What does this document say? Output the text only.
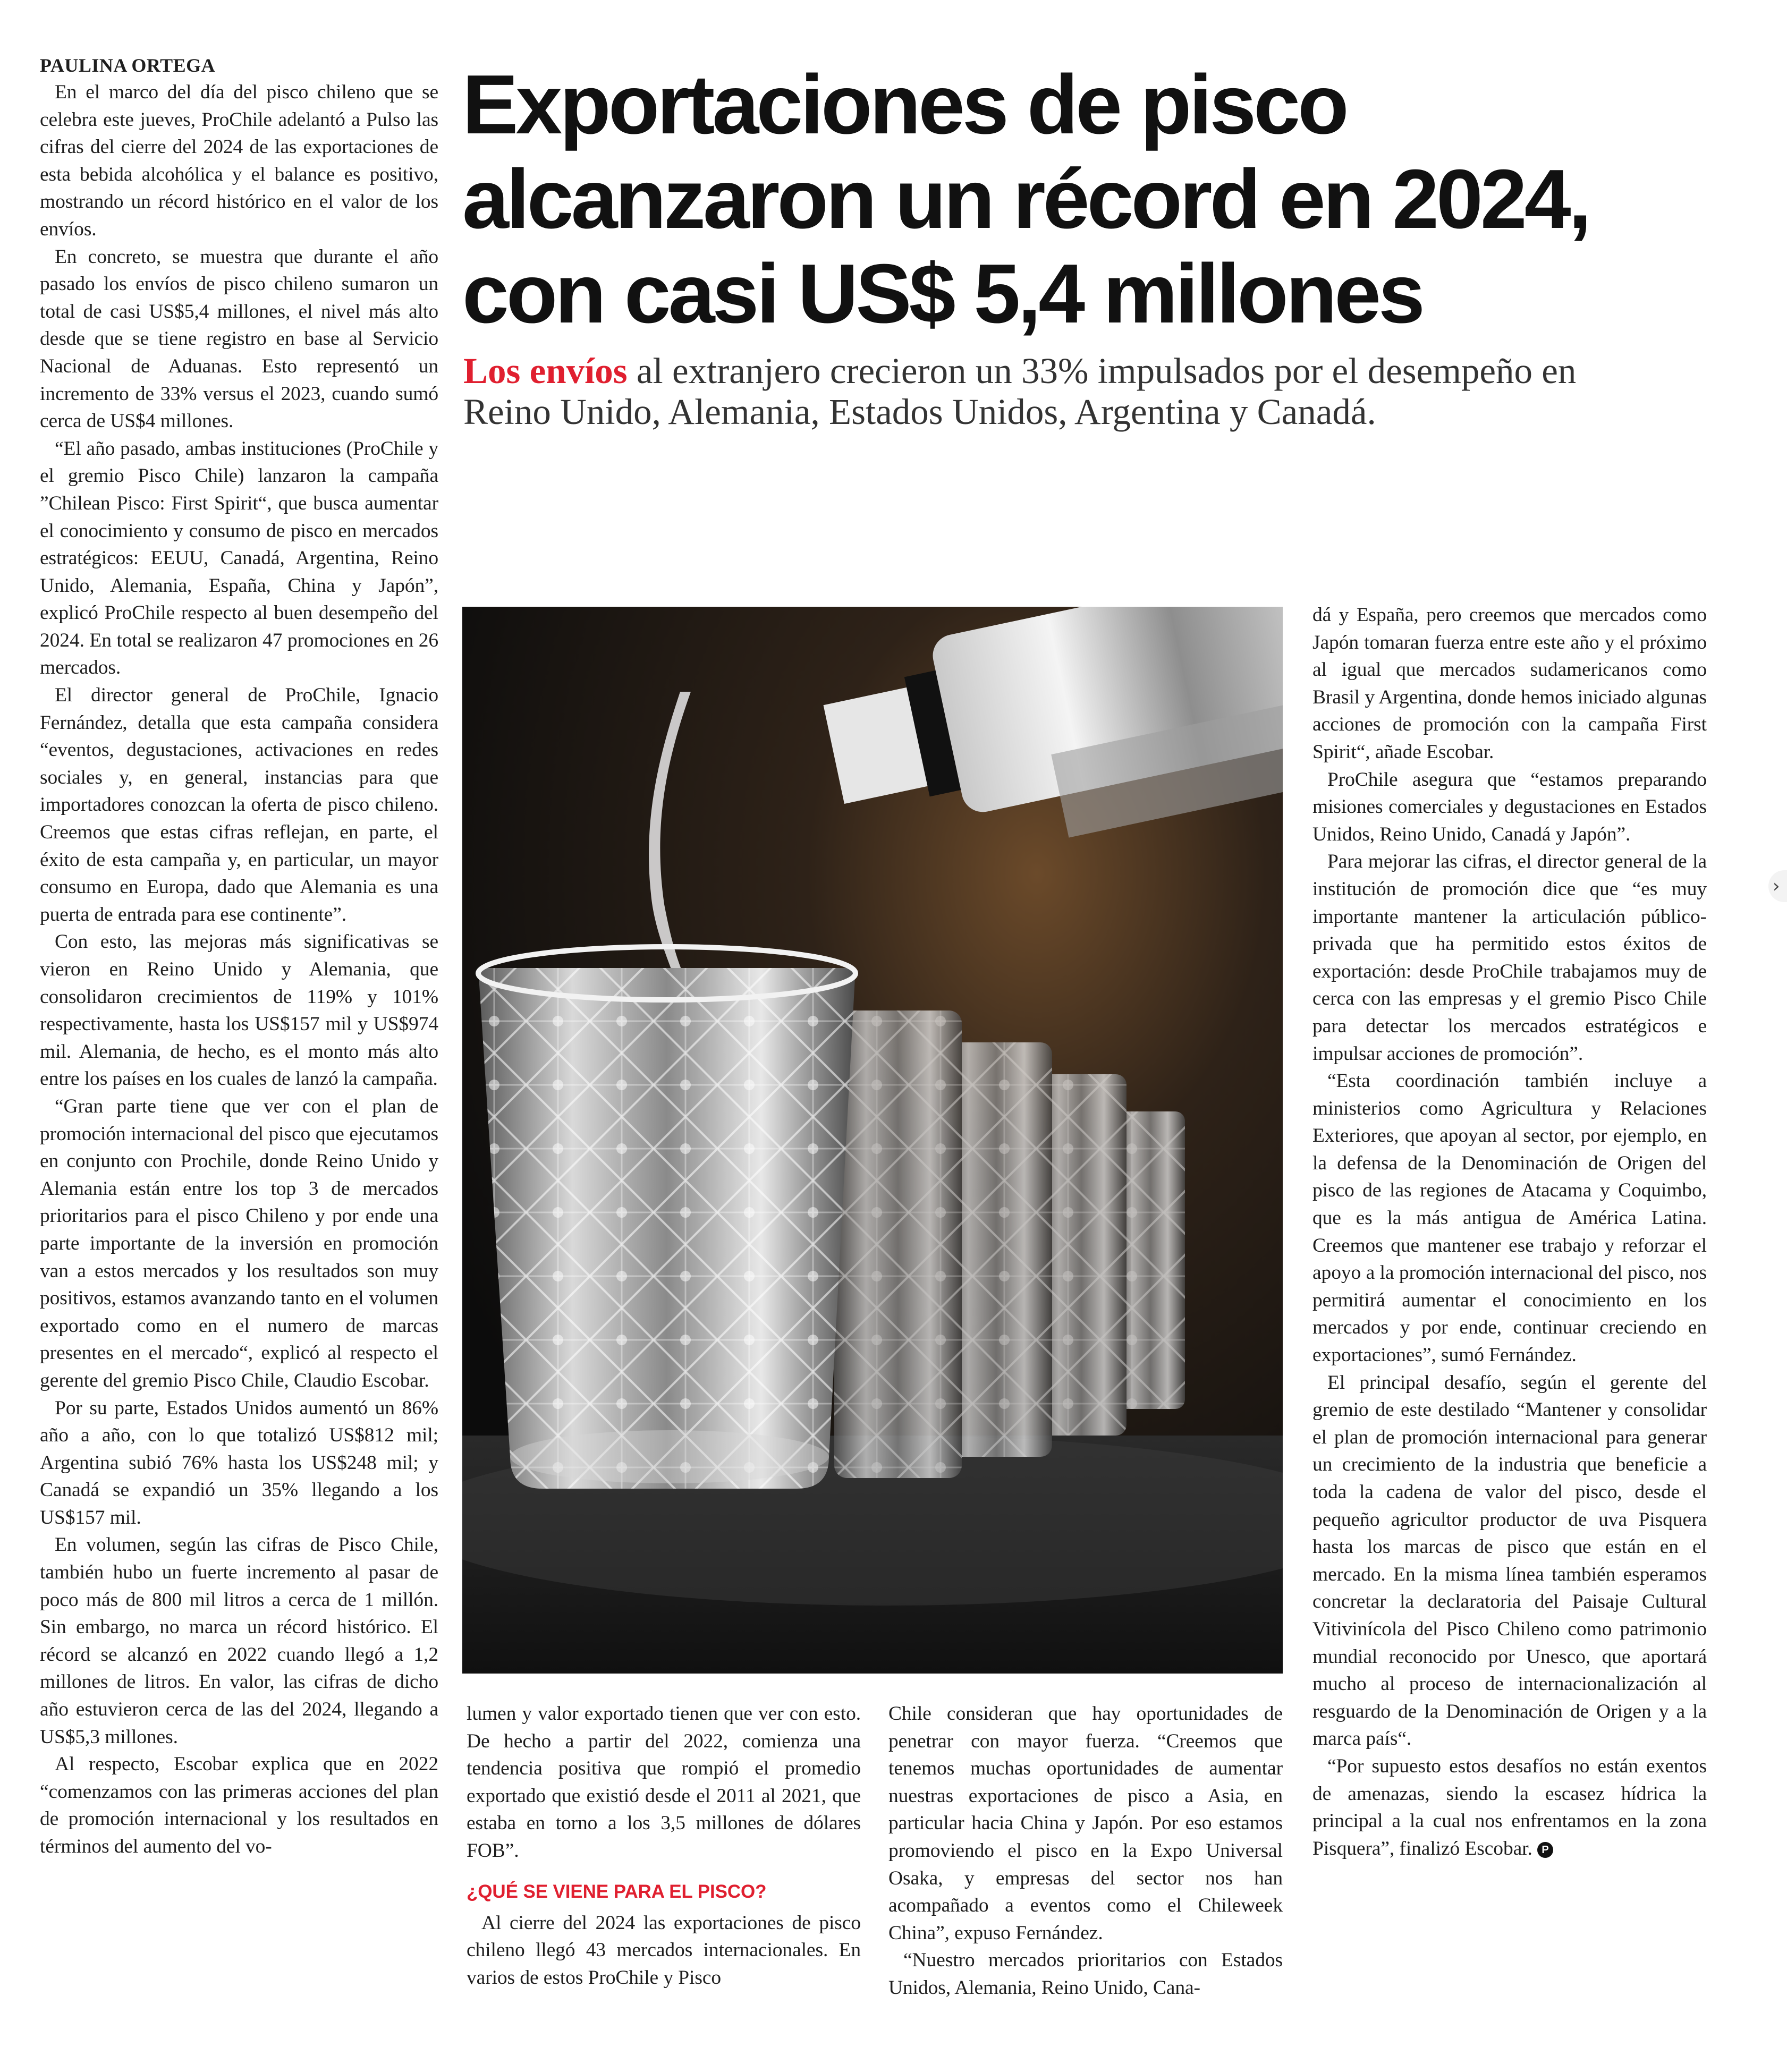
PAULINA ORTEGA	Exportaciones de pisco alcanzaron un récord en 2024, con casi US$ 5,4 millones

Los envíos al extranjero crecieron un 33% impulsados por el desempeño en Reino Unido, Alemania, Estados Unidos, Argentina y Canadá.

En el marco del día del pisco chileno que se celebra este jueves, ProChile adelantó a Pulso las cifras del cierre del 2024 de las exportaciones de esta bebida alcohólica y el balance es positivo, mostrando un récord histórico en el valor de los envíos.

En concreto, se muestra que durante el año pasado los envíos de pisco chileno sumaron un total de casi US$5,4 millones, el nivel más alto desde que se tiene registro en base al Servicio Nacional de Aduanas. Esto representó un incremento de 33% versus el 2023, cuando sumó cerca de US$4 millones.

“El año pasado, ambas instituciones (ProChile y el gremio Pisco Chile) lanzaron la campaña ”Chilean Pisco: First Spirit“, que busca aumentar el conocimiento y consumo de pisco en mercados estratégicos: EEUU, Canadá, Argentina, Reino Unido, Alemania, España, China y Japón”, explicó ProChile respecto al buen desempeño del 2024. En total se realizaron 47 promociones en 26 mercados.

El director general de ProChile, Ignacio Fernández, detalla que esta campaña considera “eventos, degustaciones, activaciones en redes sociales y, en general, instancias para que importadores conozcan la oferta de pisco chileno. Creemos que estas cifras reflejan, en parte, el éxito de esta campaña y, en particular, un mayor consumo en Europa, dado que Alemania es una puerta de entrada para ese continente”.

Con esto, las mejoras más significativas se vieron en Reino Unido y Alemania, que consolidaron crecimientos de 119% y 101% respectivamente, hasta los US$157 mil y US$974 mil. Alemania, de hecho, es el monto más alto entre los países en los cuales de lanzó la campaña.

“Gran parte tiene que ver con el plan de promoción internacional del pisco que ejecutamos en conjunto con Prochile, donde Reino Unido y Alemania están entre los top 3 de mercados prioritarios para el pisco Chileno y por ende una parte importante de la inversión en promoción van a estos mercados y los resultados son muy positivos, estamos avanzando tanto en el volumen exportado como en el numero de marcas presentes en el mercado“, explicó al respecto el gerente del gremio Pisco Chile, Claudio Escobar.

Por su parte, Estados Unidos aumentó un 86% año a año, con lo que totalizó US$812 mil; Argentina subió 76% hasta los US$248 mil; y Canadá se expandió un 35% llegando a los US$157 mil.

En volumen, según las cifras de Pisco Chile, también hubo un fuerte incremento al pasar de poco más de 800 mil litros a cerca de 1 millón. Sin embargo, no marca un récord histórico. El récord se alcanzó en 2022 cuando llegó a 1,2 millones de litros. En valor, las cifras de dicho año estuvieron cerca de las del 2024, llegando a US$5,3 millones.

Al respecto, Escobar explica que en 2022 “comenzamos con las primeras acciones del plan de promoción internacional y los resultados en términos del aumento del vo-

lumen y valor exportado tienen que ver con esto. De hecho a partir del 2022, comienza una tendencia positiva que rompió el promedio exportado que existió desde el 2011 al 2021, que estaba en torno a los 3,5 millones de dólares FOB”.

¿QUÉ SE VIENE PARA EL PISCO?

Al cierre del 2024 las exportaciones de pisco chileno llegó 43 mercados internacionales. En varios de estos ProChile y Pisco

Chile consideran que hay oportunidades de penetrar con mayor fuerza. “Creemos que tenemos muchas oportunidades de aumentar nuestras exportaciones de pisco a Asia, en particular hacia China y Japón. Por eso estamos promoviendo el pisco en la Expo Universal Osaka, y empresas del sector nos han acompañado a eventos como el Chileweek China”, expuso Fernández.

“Nuestro mercados prioritarios con Estados Unidos, Alemania, Reino Unido, Cana-

dá y España, pero creemos que mercados como Japón tomaran fuerza entre este año y el próximo al igual que mercados sudamericanos como Brasil y Argentina, donde hemos iniciado algunas acciones de promoción con la campaña First Spirit“, añade Escobar.

ProChile asegura que “estamos preparando misiones comerciales y degustaciones en Estados Unidos, Reino Unido, Canadá y Japón”.

Para mejorar las cifras, el director general de la institución de promoción dice que “es muy importante mantener la articulación público-privada que ha permitido estos éxitos de exportación: desde ProChile trabajamos muy de cerca con las empresas y el gremio Pisco Chile para detectar los mercados estratégicos e impulsar acciones de promoción”.

“Esta coordinación también incluye a ministerios como Agricultura y Relaciones Exteriores, que apoyan al sector, por ejemplo, en la defensa de la Denominación de Origen del pisco de las regiones de Atacama y Coquimbo, que es la más antigua de América Latina. Creemos que mantener ese trabajo y reforzar el apoyo a la promoción internacional del pisco, nos permitirá aumentar el conocimiento en los mercados y por ende, continuar creciendo en exportaciones”, sumó Fernández.

El principal desafío, según el gerente del gremio de este destilado “Mantener y consolidar el plan de promoción internacional para generar un crecimiento de la industria que beneficie a toda la cadena de valor del pisco, desde el pequeño agricultor productor de uva Pisquera hasta los marcas de pisco que están en el mercado. En la misma línea también esperamos concretar la declaratoria del Paisaje Cultural Vitivinícola del Pisco Chileno como patrimonio mundial reconocido por Unesco, que aportará mucho al proceso de internacionalización al resguardo de la Denominación de Origen y a la marca país“.

“Por supuesto estos desafíos no están exentos de amenazas, siendo la escasez hídrica la principal a la cual nos enfrentamos en la zona Pisquera”, finalizó Escobar. P

›
